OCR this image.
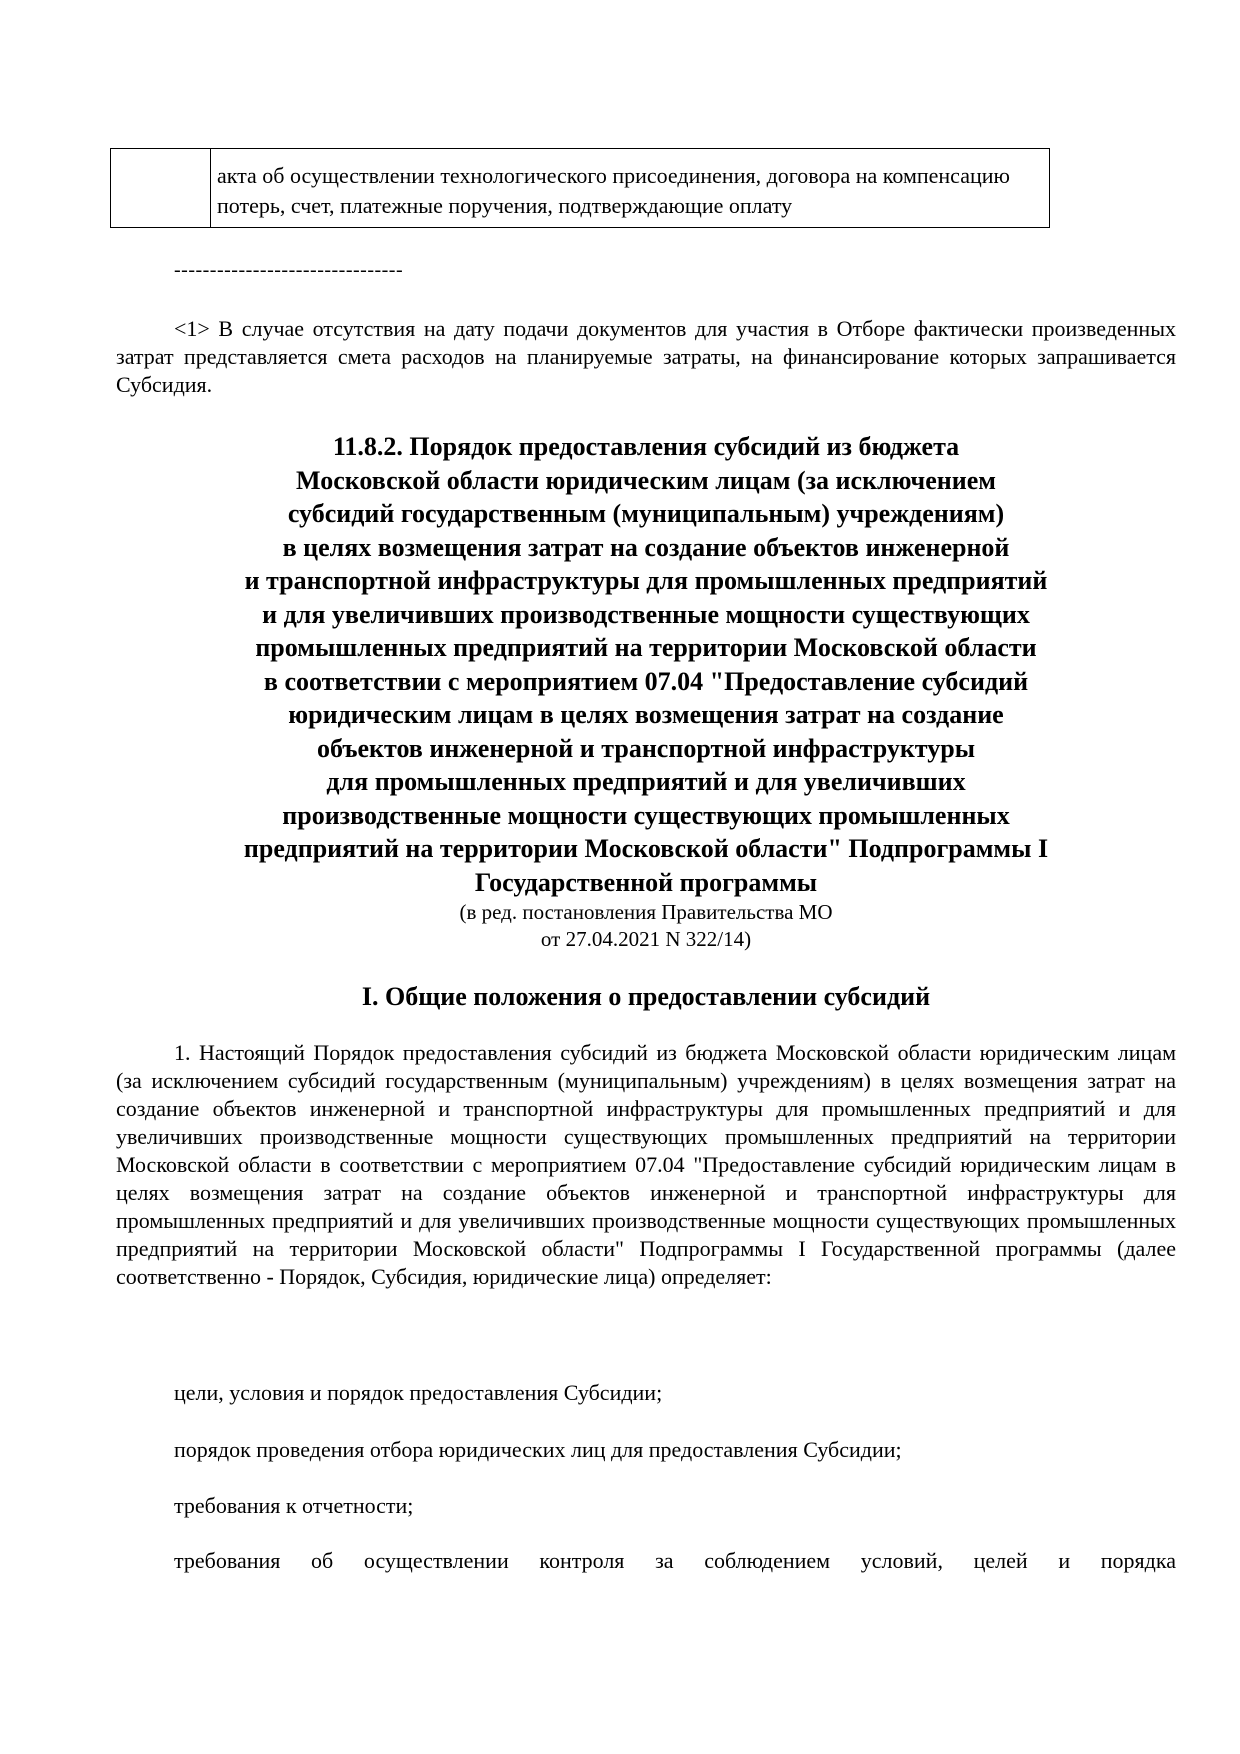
акта об осуществлении технологического присоединения, договора на компенсацию потерь, счет, платежные поручения, подтверждающие оплату
--------------------------------

<1> В случае отсутствия на дату подачи документов для участия в Отборе фактически произведенных затрат представляется смета расходов на планируемые затраты, на финансирование которых запрашивается Субсидия.

11.8.2. Порядок предоставления субсидий из бюджета

Московской области юридическим лицам (за исключением

субсидий государственным (муниципальным) учреждениям)

в целях возмещения затрат на создание объектов инженерной

и транспортной инфраструктуры для промышленных предприятий

и для увеличивших производственные мощности существующих

промышленных предприятий на территории Московской области

в соответствии с мероприятием 07.04 "Предоставление субсидий

юридическим лицам в целях возмещения затрат на создание

объектов инженерной и транспортной инфраструктуры

для промышленных предприятий и для увеличивших

производственные мощности существующих промышленных

предприятий на территории Московской области" Подпрограммы I

Государственной программы

(в ред. постановления Правительства МО

от 27.04.2021 N 322/14)

I. Общие положения о предоставлении субсидий

1. Настоящий Порядок предоставления субсидий из бюджета Московской области юридическим лицам (за исключением субсидий государственным (муниципальным) учреждениям) в целях возмещения затрат на создание объектов инженерной и транспортной инфраструктуры для промышленных предприятий и для увеличивших производственные мощности существующих промышленных предприятий на территории Московской области в соответствии с мероприятием 07.04 "Предоставление субсидий юридическим лицам в целях возмещения затрат на создание объектов инженерной и транспортной инфраструктуры для промышленных предприятий и для увеличивших производственные мощности существующих промышленных предприятий на территории Московской области" Подпрограммы I Государственной программы (далее соответственно - Порядок, Субсидия, юридические лица) определяет:

цели, условия и порядок предоставления Субсидии;

порядок проведения отбора юридических лиц для предоставления Субсидии;

требования к отчетности;

требования об осуществлении контроля за соблюдением условий, целей и порядка
